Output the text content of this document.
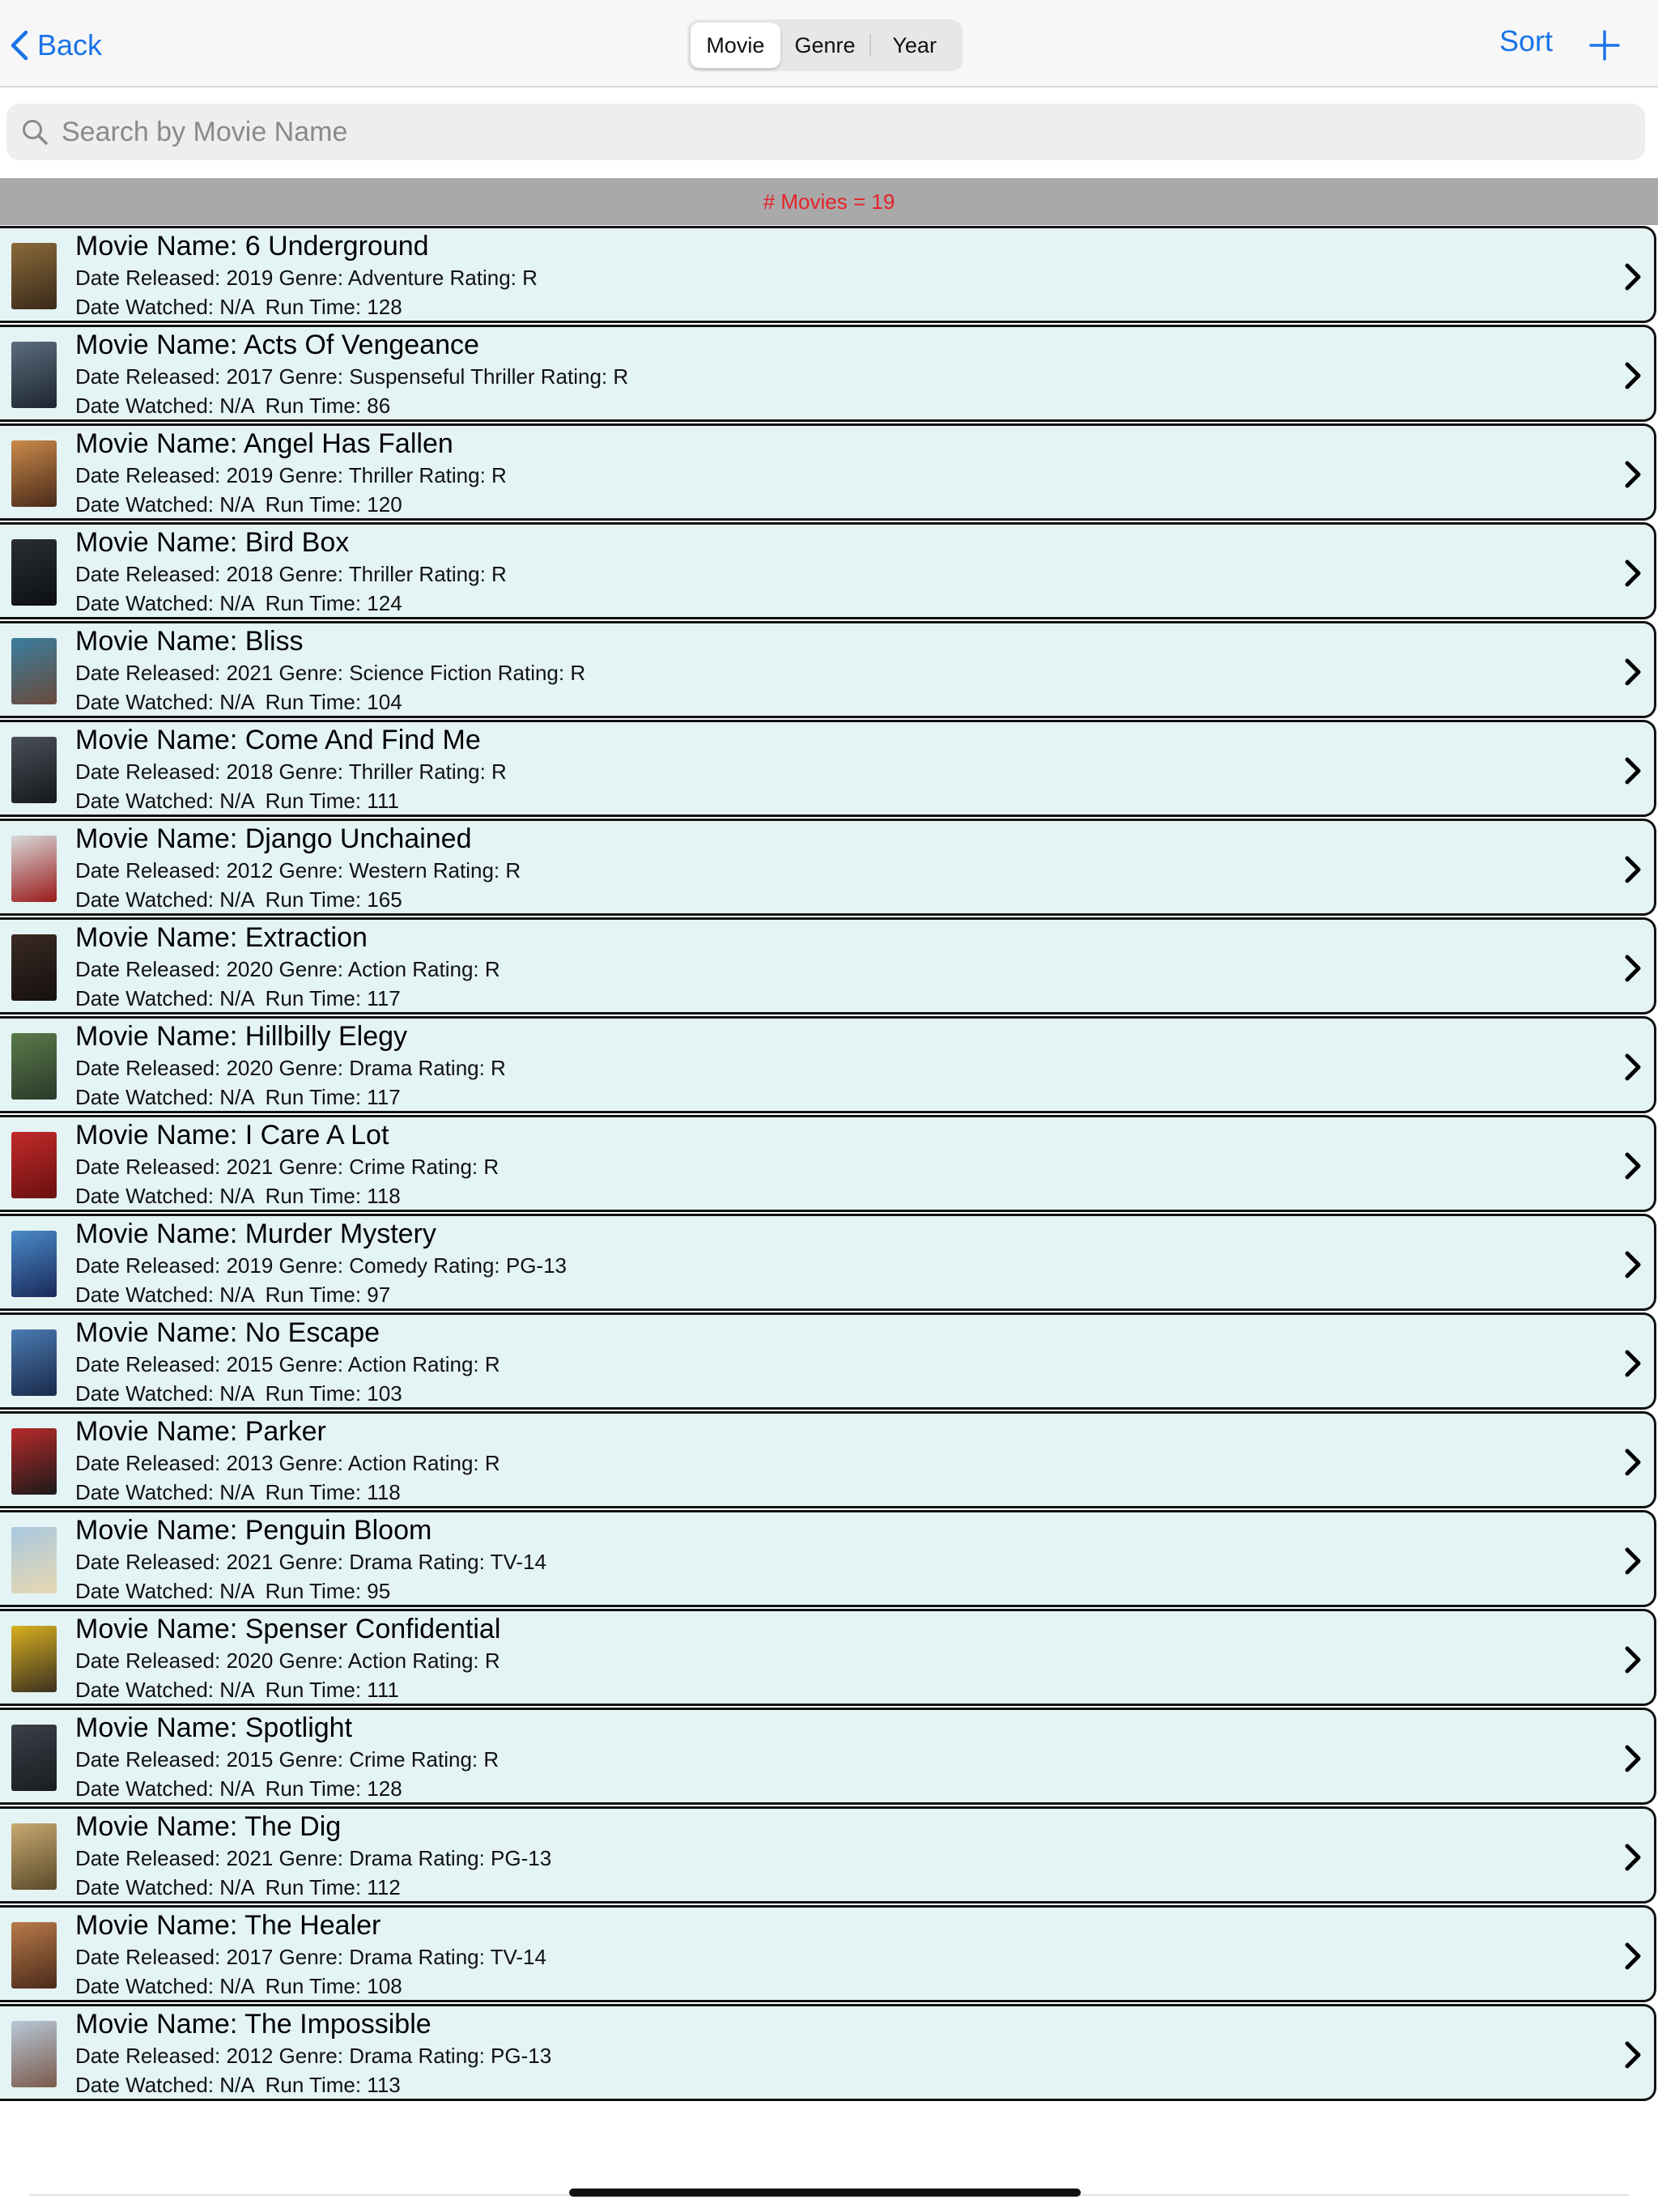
Back	Movie	Genre	Year	Sort
Search by Movie Name
# Movies = 19
Movie Name: 6 Underground
Date Released: 2019 Genre: Adventure Rating: R
Date Watched: N/A  Run Time: 128
Movie Name: Acts Of Vengeance
Date Released: 2017 Genre: Suspenseful Thriller Rating: R
Date Watched: N/A  Run Time: 86
Movie Name: Angel Has Fallen
Date Released: 2019 Genre: Thriller Rating: R
Date Watched: N/A  Run Time: 120
Movie Name: Bird Box
Date Released: 2018 Genre: Thriller Rating: R
Date Watched: N/A  Run Time: 124
Movie Name: Bliss
Date Released: 2021 Genre: Science Fiction Rating: R
Date Watched: N/A  Run Time: 104
Movie Name: Come And Find Me
Date Released: 2018 Genre: Thriller Rating: R
Date Watched: N/A  Run Time: 111
Movie Name: Django Unchained
Date Released: 2012 Genre: Western Rating: R
Date Watched: N/A  Run Time: 165
Movie Name: Extraction
Date Released: 2020 Genre: Action Rating: R
Date Watched: N/A  Run Time: 117
Movie Name: Hillbilly Elegy
Date Released: 2020 Genre: Drama Rating: R
Date Watched: N/A  Run Time: 117
Movie Name: I Care A Lot
Date Released: 2021 Genre: Crime Rating: R
Date Watched: N/A  Run Time: 118
Movie Name: Murder Mystery
Date Released: 2019 Genre: Comedy Rating: PG-13
Date Watched: N/A  Run Time: 97
Movie Name: No Escape
Date Released: 2015 Genre: Action Rating: R
Date Watched: N/A  Run Time: 103
Movie Name: Parker
Date Released: 2013 Genre: Action Rating: R
Date Watched: N/A  Run Time: 118
Movie Name: Penguin Bloom
Date Released: 2021 Genre: Drama Rating: TV-14
Date Watched: N/A  Run Time: 95
Movie Name: Spenser Confidential
Date Released: 2020 Genre: Action Rating: R
Date Watched: N/A  Run Time: 111
Movie Name: Spotlight
Date Released: 2015 Genre: Crime Rating: R
Date Watched: N/A  Run Time: 128
Movie Name: The Dig
Date Released: 2021 Genre: Drama Rating: PG-13
Date Watched: N/A  Run Time: 112
Movie Name: The Healer
Date Released: 2017 Genre: Drama Rating: TV-14
Date Watched: N/A  Run Time: 108
Movie Name: The Impossible
Date Released: 2012 Genre: Drama Rating: PG-13
Date Watched: N/A  Run Time: 113
